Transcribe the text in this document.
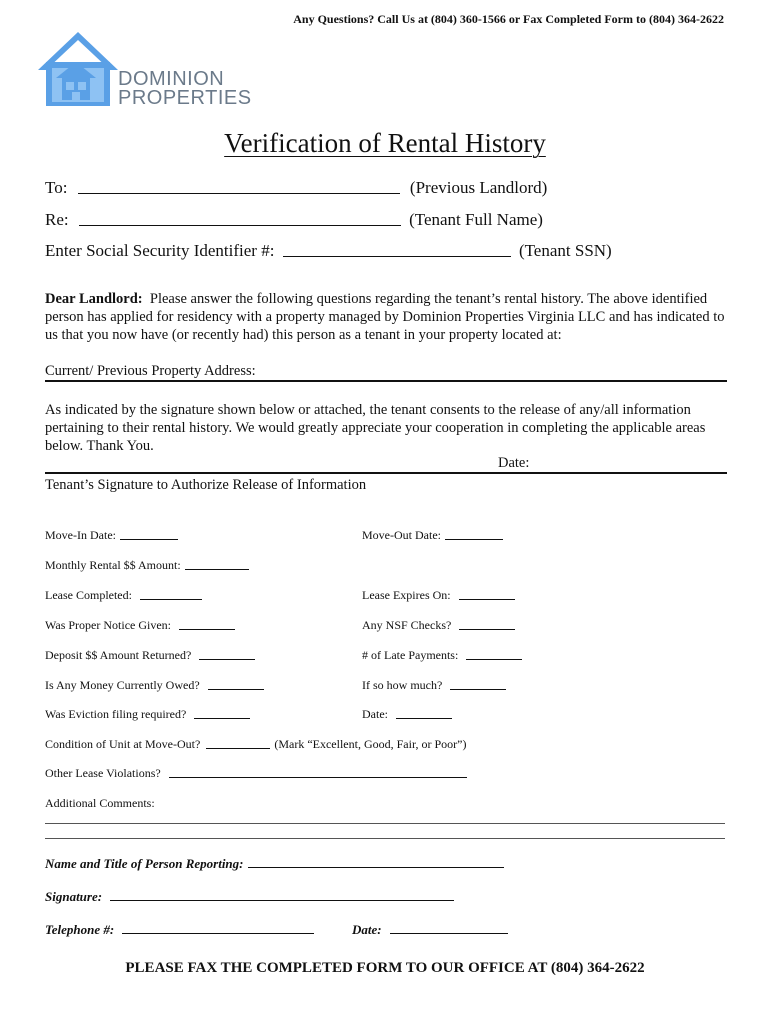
Any Questions? Call Us at (804) 360-1566 or Fax Completed Form to (804) 364-2622
DOMINION
PROPERTIES
Verification of Rental History
To:	(Previous Landlord)
Re:	(Tenant Full Name)
Enter Social Security Identifier #:	(Tenant SSN)
Dear Landlord: Please answer the following questions regarding the tenant’s rental history. The above identified person has applied for residency with a property managed by Dominion Properties Virginia LLC and has indicated to us that you now have (or recently had) this person as a tenant in your property located at:
Current/ Previous Property Address:
As indicated by the signature shown below or attached, the tenant consents to the release of any/all information pertaining to their rental history. We would greatly appreciate your cooperation in completing the applicable areas below. Thank You.
Date:
Tenant’s Signature to Authorize Release of Information
Move-In Date:	Move-Out Date:
Monthly Rental $$ Amount:
Lease Completed:	Lease Expires On:
Was Proper Notice Given:	Any NSF Checks?
Deposit $$ Amount Returned?	# of Late Payments:
Is Any Money Currently Owed?	If so how much?
Was Eviction filing required?	Date:
Condition of Unit at Move-Out?	(Mark “Excellent, Good, Fair, or Poor”)
Other Lease Violations?
Additional Comments:
Name and Title of Person Reporting:
Signature:
Telephone #:	Date:
PLEASE FAX THE COMPLETED FORM TO OUR OFFICE AT (804) 364-2622
